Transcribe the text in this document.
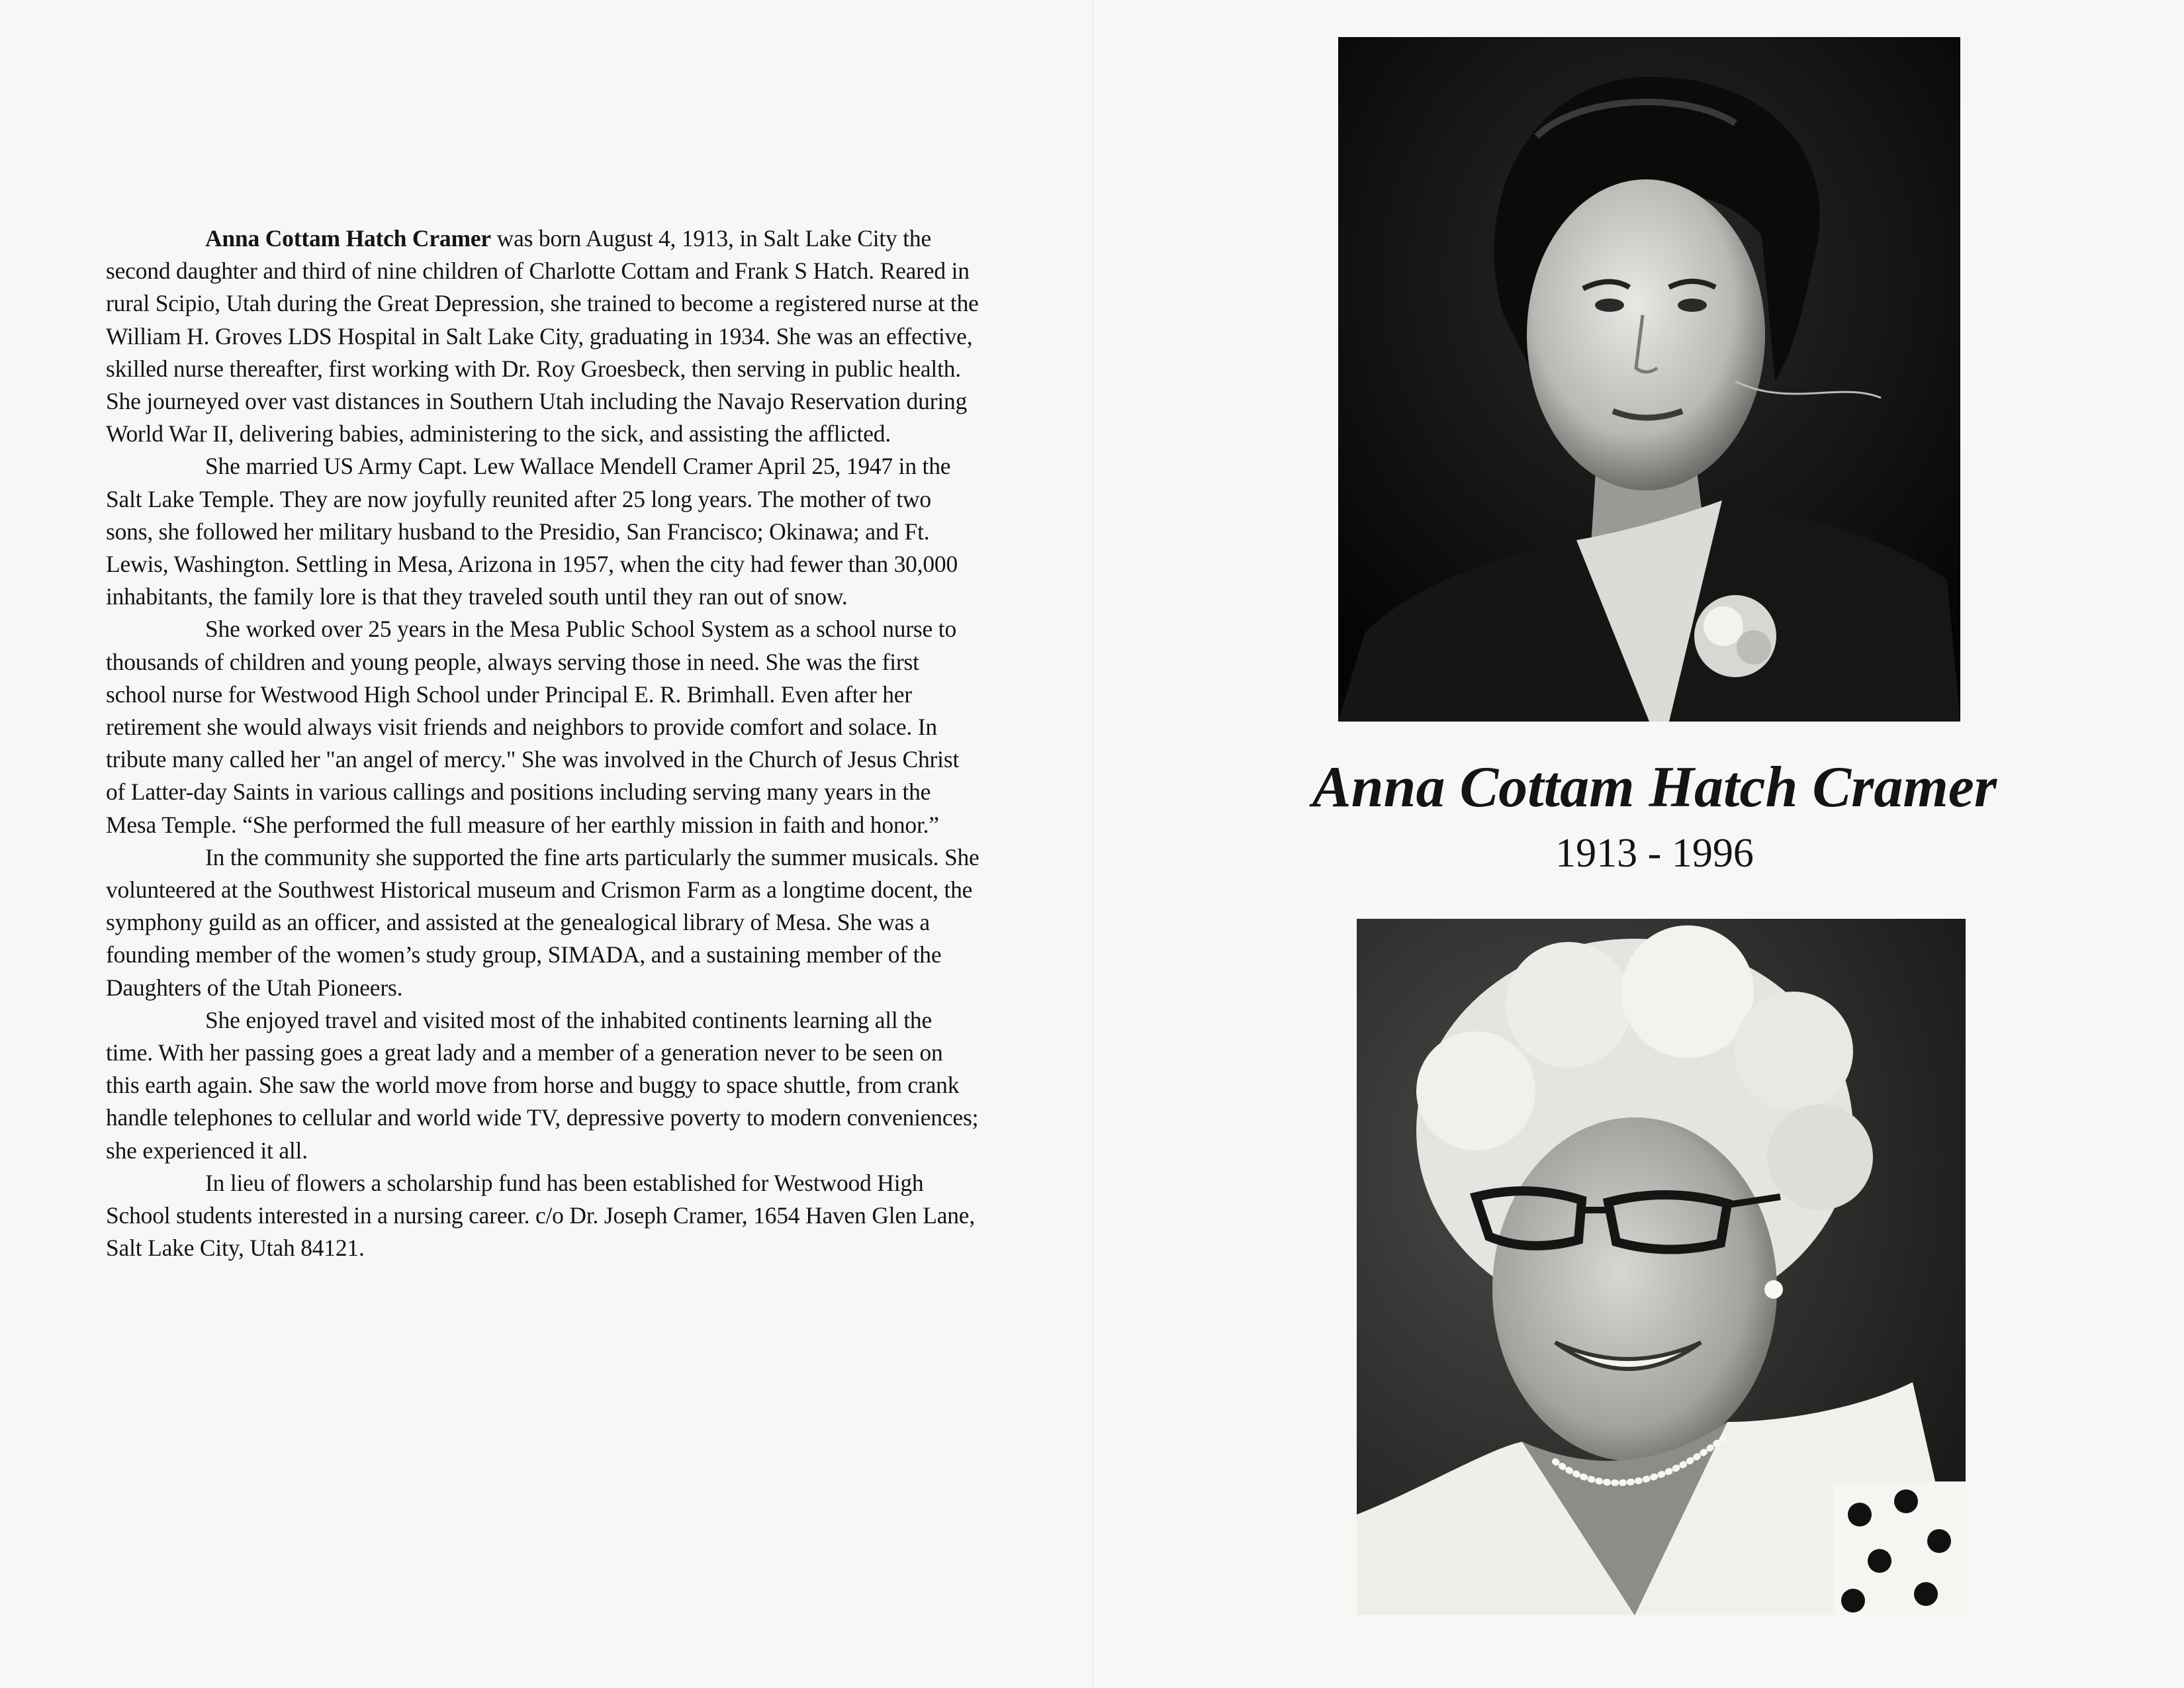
Anna Cottam Hatch Cramer was born August 4, 1913, in Salt Lake City the second daughter and third of nine children of Charlotte Cottam and Frank S Hatch. Reared in rural Scipio, Utah during the Great Depression, she trained to become a registered nurse at the William H. Groves LDS Hospital in Salt Lake City, graduating in 1934. She was an effective, skilled nurse thereafter, first working with Dr. Roy Groesbeck, then serving in public health. She journeyed over vast distances in Southern Utah including the Navajo Reservation during World War II, delivering babies, administering to the sick, and assisting the afflicted.

She married US Army Capt. Lew Wallace Mendell Cramer April 25, 1947 in the Salt Lake Temple. They are now joyfully reunited after 25 long years. The mother of two sons, she followed her military husband to the Presidio, San Francisco; Okinawa; and Ft. Lewis, Washington. Settling in Mesa, Arizona in 1957, when the city had fewer than 30,000 inhabitants, the family lore is that they traveled south until they ran out of snow.

She worked over 25 years in the Mesa Public School System as a school nurse to thousands of children and young people, always serving those in need. She was the first school nurse for Westwood High School under Principal E. R. Brimhall. Even after her retirement she would always visit friends and neighbors to provide comfort and solace. In tribute many called her "an angel of mercy." She was involved in the Church of Jesus Christ of Latter-day Saints in various callings and positions including serving many years in the Mesa Temple. “She performed the full measure of her earthly mission in faith and honor.”

In the community she supported the fine arts particularly the summer musicals. She volunteered at the Southwest Historical museum and Crismon Farm as a longtime docent, the symphony guild as an officer, and assisted at the genealogical library of Mesa. She was a founding member of the women’s study group, SIMADA, and a sustaining member of the Daughters of the Utah Pioneers.

She enjoyed travel and visited most of the inhabited continents learning all the time. With her passing goes a great lady and a member of a generation never to be seen on this earth again. She saw the world move from horse and buggy to space shuttle, from crank handle telephones to cellular and world wide TV, depressive poverty to modern conveniences; she experienced it all.

In lieu of flowers a scholarship fund has been established for Westwood High School students interested in a nursing career. c/o Dr. Joseph Cramer, 1654 Haven Glen Lane, Salt Lake City, Utah 84121.

Anna Cottam Hatch Cramer
1913 - 1996
